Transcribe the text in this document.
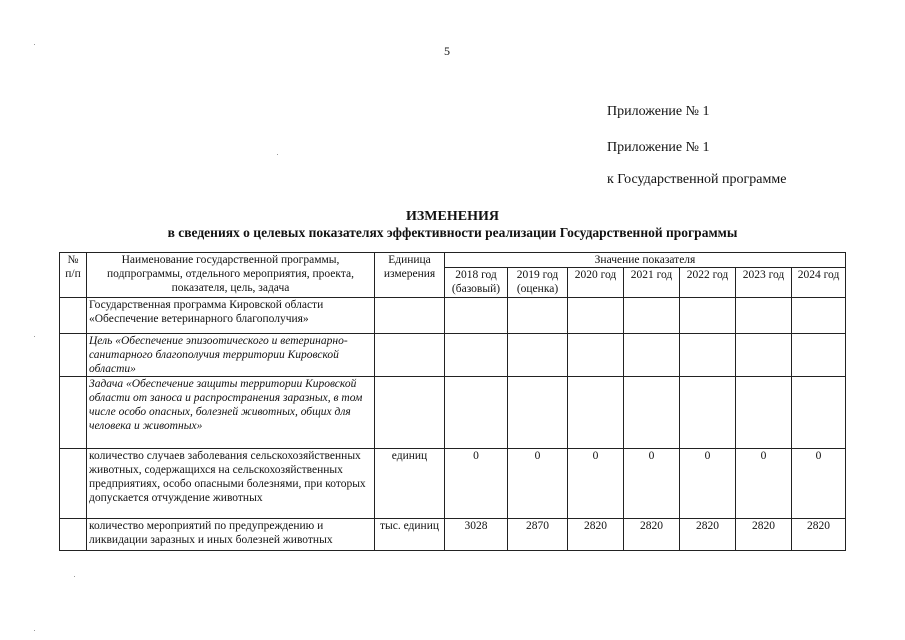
5
Приложение № 1
Приложение № 1
к Государственной программе
ИЗМЕНЕНИЯ
в сведениях о целевых показателях эффективности реализации Государственной программы
№ п/п	Наименование государственной программы, подпрограммы, отдельного мероприятия, проекта, показателя, цель, задача	Единица измерения	Значение показателя						
			2018 год (базовый)	2019 год (оценка)	2020 год	2021 год	2022 год	2023 год	2024 год
	Государственная программа Кировской области «Обеспечение ветеринарного благополучия»								
	Цель «Обеспечение эпизоотического и ветеринарно-санитарного благополучия территории Кировской области»								
	Задача «Обеспечение защиты территории Кировской области от заноса и распространения заразных, в том числе особо опасных, болезней животных, общих для человека и животных»								
	количество случаев заболевания сельскохозяйственных животных, содержащихся на сельскохозяйственных предприятиях, особо опасными болезнями, при которых допускается отчуждение животных	единиц	0	0	0	0	0	0	0
	количество мероприятий по предупреждению и ликвидации заразных и иных болезней животных	тыс. единиц	3028	2870	2820	2820	2820	2820	2820
